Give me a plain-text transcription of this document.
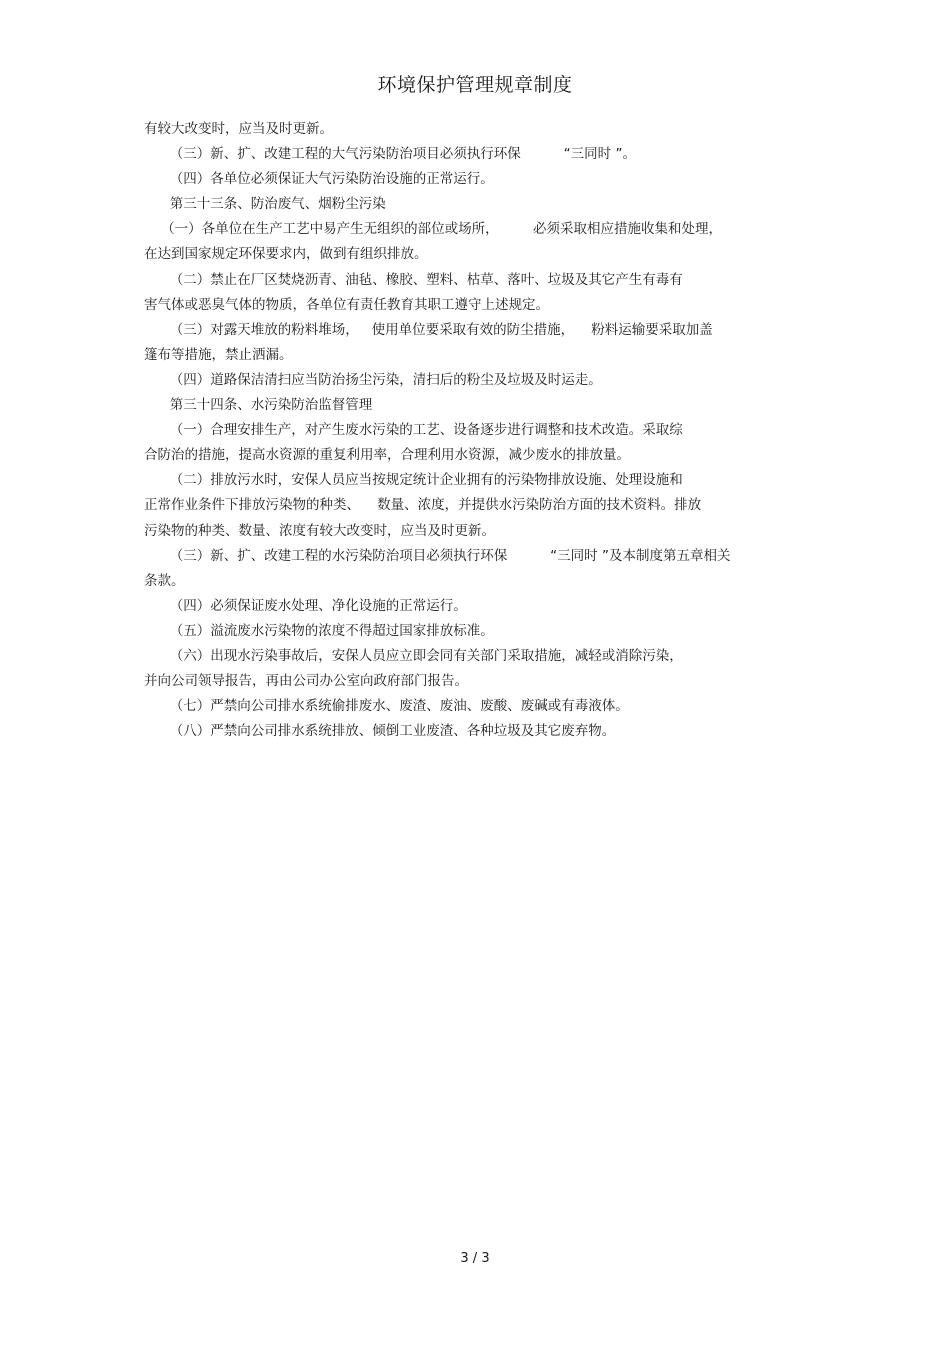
环境保护管理规章制度
有较大改变时，应当及时更新。
（三）新、扩、改建工程的大气污染防治项目必须执行环保          “三同时 ”。
（四）各单位必须保证大气污染防治设施的正常运行。
第三十三条、防治废气、烟粉尘污染
（一）各单位在生产工艺中易产生无组织的部位或场所，        必须采取相应措施收集和处理，
在达到国家规定环保要求内，做到有组织排放。
（二）禁止在厂区焚烧沥青、油毡、橡胶、塑料、枯草、落叶、垃圾及其它产生有毒有
害气体或恶臭气体的物质，各单位有责任教育其职工遵守上述规定。
（三）对露天堆放的粉料堆场，   使用单位要采取有效的防尘措施，    粉料运输要采取加盖
篷布等措施，禁止洒漏。
（四）道路保洁清扫应当防治扬尘污染，清扫后的粉尘及垃圾及时运走。
第三十四条、水污染防治监督管理
（一）合理安排生产，对产生废水污染的工艺、设备逐步进行调整和技术改造。采取综
合防治的措施，提高水资源的重复利用率，合理利用水资源，减少废水的排放量。
（二）排放污水时，安保人员应当按规定统计企业拥有的污染物排放设施、处理设施和
正常作业条件下排放污染物的种类、    数量、浓度，并提供水污染防治方面的技术资料。排放
污染物的种类、数量、浓度有较大改变时，应当及时更新。
（三）新、扩、改建工程的水污染防治项目必须执行环保          “三同时 ”及本制度第五章相关
条款。
（四）必须保证废水处理、净化设施的正常运行。
（五）溢流废水污染物的浓度不得超过国家排放标准。
（六）出现水污染事故后，安保人员应立即会同有关部门采取措施，减轻或消除污染，
并向公司领导报告，再由公司办公室向政府部门报告。
（七）严禁向公司排水系统偷排废水、废渣、废油、废酸、废碱或有毒液体。
（八）严禁向公司排水系统排放、倾倒工业废渣、各种垃圾及其它废弃物。
3 / 3
